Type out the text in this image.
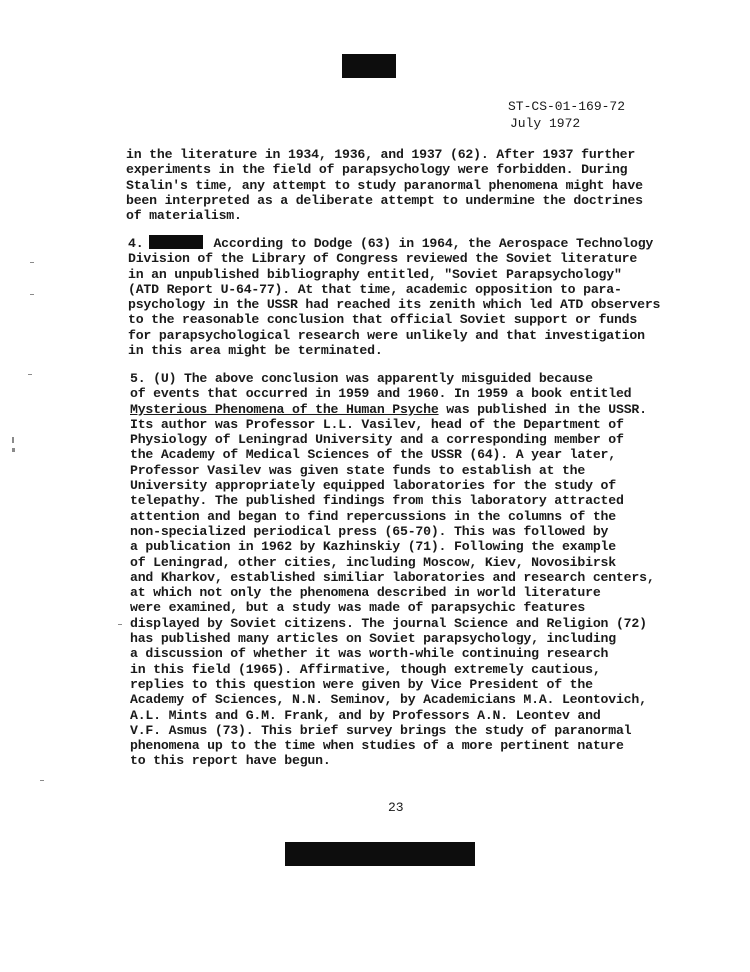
ST-CS-01-169-72
July 1972
in the literature in 1934, 1936, and 1937 (62). After 1937 further
experiments in the field of parapsychology were forbidden. During
Stalin's time, any attempt to study paranormal phenomena might have
been interpreted as a deliberate attempt to undermine the doctrines
of materialism.
4.	According to Dodge (63) in 1964, the Aerospace Technology
Division of the Library of Congress reviewed the Soviet literature
in an unpublished bibliography entitled, "Soviet Parapsychology"
(ATD Report U-64-77). At that time, academic opposition to para-
psychology in the USSR had reached its zenith which led ATD observers
to the reasonable conclusion that official Soviet support or funds
for parapsychological research were unlikely and that investigation
in this area might be terminated.
5. (U) The above conclusion was apparently misguided because
of events that occurred in 1959 and 1960. In 1959 a book entitled
Mysterious Phenomena of the Human Psyche was published in the USSR.
Its author was Professor L.L. Vasilev, head of the Department of
Physiology of Leningrad University and a corresponding member of
the Academy of Medical Sciences of the USSR (64). A year later,
Professor Vasilev was given state funds to establish at the
University appropriately equipped laboratories for the study of
telepathy. The published findings from this laboratory attracted
attention and began to find repercussions in the columns of the
non-specialized periodical press (65-70). This was followed by
a publication in 1962 by Kazhinskiy (71). Following the example
of Leningrad, other cities, including Moscow, Kiev, Novosibirsk
and Kharkov, established similiar laboratories and research centers,
at which not only the phenomena described in world literature
were examined, but a study was made of parapsychic features
displayed by Soviet citizens. The journal Science and Religion (72)
has published many articles on Soviet parapsychology, including
a discussion of whether it was worth-while continuing research
in this field (1965). Affirmative, though extremely cautious,
replies to this question were given by Vice President of the
Academy of Sciences, N.N. Seminov, by Academicians M.A. Leontovich,
A.L. Mints and G.M. Frank, and by Professors A.N. Leontev and
V.F. Asmus (73). This brief survey brings the study of paranormal
phenomena up to the time when studies of a more pertinent nature
to this report have begun.
23
